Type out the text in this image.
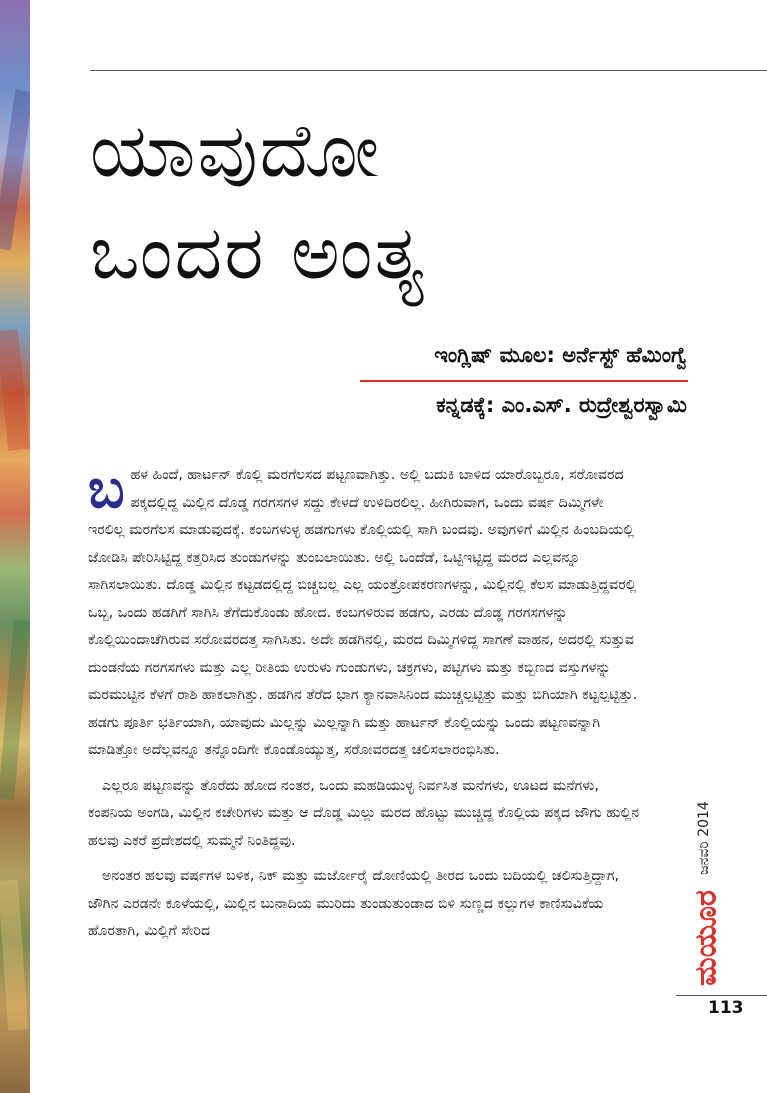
ಯಾವುದೋ
ಒಂದರ ಅಂತ್ಯ
ಇಂಗ್ಲಿಷ್ ಮೂಲ: ಅರ್ನೆಸ್ಟ್ ಹೆಮಿಂಗ್ವೆ
ಕನ್ನಡಕ್ಕೆ: ಎಂ.ಎಸ್. ರುದ್ರೇಶ್ವರಸ್ವಾಮಿ

ಬಹಳ ಹಿಂದೆ, ಹಾರ್ಟನ್ ಕೊಲ್ಲಿ ಮರಗೆಲಸದ ಪಟ್ಟಣವಾಗಿತ್ತು. ಅಲ್ಲಿ ಬದುಕಿ ಬಾಳಿದ ಯಾರೊಬ್ಬರೂ, ಸರೋವರದ ಪಕ್ಕದಲ್ಲಿದ್ದ ಮಿಲ್ಲಿನ ದೊಡ್ಡ ಗರಗಸಗಳ ಸದ್ದು ಕೇಳದೆ ಉಳಿದಿರಲಿಲ್ಲ. ಹೀಗಿರುವಾಗ, ಒಂದು ವರ್ಷ ದಿಮ್ಮಿಗಳೇ ಇರಲಿಲ್ಲ ಮರಗೆಲಸ ಮಾಡುವುದಕ್ಕೆ. ಕಂಬಗಳುಳ್ಳ ಹಡಗುಗಳು ಕೊಲ್ಲಿಯಲ್ಲಿ ಸಾಗಿ ಬಂದವು. ಅವುಗಳಿಗೆ ಮಿಲ್ಲಿನ ಹಿಂಬದಿಯಲ್ಲಿ ಜೋಡಿಸಿ ಪೇರಿಸಿಟ್ಟಿದ್ದ ಕತ್ತರಿಸಿದ ತುಂಡುಗಳನ್ನು ತುಂಬಲಾಯಿತು. ಅಲ್ಲಿ ಒಂದೆಡೆ, ಒಟ್ಟಿಇಟ್ಟಿದ್ದ ಮರದ ಎಲ್ಲವನ್ನೂ ಸಾಗಿಸಲಾಯಿತು. ದೊಡ್ಡ ಮಿಲ್ಲಿನ ಕಟ್ಟಡದಲ್ಲಿದ್ದ ಬಿಚ್ಚಬಲ್ಲ ಎಲ್ಲ ಯಂತ್ರೋಪಕರಣಗಳನ್ನು, ಮಿಲ್ಲಿನಲ್ಲಿ ಕೆಲಸ ಮಾಡುತ್ತಿದ್ದವರಲ್ಲಿ ಒಬ್ಬ, ಒಂದು ಹಡಗಿಗೆ ಸಾಗಿಸಿ ತೆಗೆದುಕೊಂಡು ಹೋದ. ಕಂಬಗಳಿರುವ ಹಡಗು, ಎರಡು ದೊಡ್ಡ ಗರಗಸಗಳನ್ನು ಕೊಲ್ಲಿಯಿಂದಾಚೆಗಿರುವ ಸರೋವರದತ್ತ ಸಾಗಿಸಿತು. ಅದೇ ಹಡಗಿನಲ್ಲಿ, ಮರದ ದಿಮ್ಮಿಗಳಿದ್ದ ಸಾಗಣೆ ವಾಹನ, ಅದರಲ್ಲಿ ಸುತ್ತುವ ದುಂಡನೆಯ ಗರಗಸಗಳು ಮತ್ತು ಎಲ್ಲ ರೀತಿಯ ಉರುಳು ಗುಂಡುಗಳು, ಚಕ್ರಗಳು, ಪಟ್ಟಿಗಳು ಮತ್ತು ಕಬ್ಬಿಣದ ವಸ್ತುಗಳನ್ನು ಮರಮುಟ್ಟಿನ ಕೆಳಗೆ ರಾಶಿ ಹಾಕಲಾಗಿತ್ತು. ಹಡಗಿನ ತೆರೆದ ಭಾಗ ಕ್ಯಾನವಾಸಿನಿಂದ ಮುಚ್ಚಲ್ಪಟ್ಟಿತ್ತು ಮತ್ತು ಬಿಗಿಯಾಗಿ ಕಟ್ಟಲ್ಪಟ್ಟಿತ್ತು. ಹಡಗು ಪೂರ್ತಿ ಭರ್ತಿಯಾಗಿ, ಯಾವುದು ಮಿಲ್ಲನ್ನು ಮಿಲ್ಲನ್ನಾಗಿ ಮತ್ತು ಹಾರ್ಟನ್ ಕೊಲ್ಲಿಯನ್ನು ಒಂದು ಪಟ್ಟಣವನ್ನಾಗಿ ಮಾಡಿತ್ತೋ ಅದೆಲ್ಲವನ್ನೂ ತನ್ನೊಂದಿಗೇ ಕೊಂಡೊಯ್ಯುತ್ತ, ಸರೋವರದತ್ತ ಚಲಿಸಲಾರಂಭಿಸಿತು.

ಎಲ್ಲರೂ ಪಟ್ಟಣವನ್ನು ತೊರೆದು ಹೋದ ನಂತರ, ಒಂದು ಮಹಡಿಯುಳ್ಳ ನಿರ್ವಸಿತ ಮನೆಗಳು, ಊಟದ ಮನೆಗಳು, ಕಂಪನಿಯ ಅಂಗಡಿ, ಮಿಲ್ಲಿನ ಕಚೇರಿಗಳು ಮತ್ತು ಆ ದೊಡ್ಡ ಮಿಲ್ಲು ಮರದ ಹೊಟ್ಟು ಮುಚ್ಚಿದ್ದ ಕೊಲ್ಲಿಯ ಪಕ್ಕದ ಜೌಗು ಹುಲ್ಲಿನ ಹಲವು ಎಕರೆ ಪ್ರದೇಶದಲ್ಲಿ ಸುಮ್ಮನೆ ನಿಂತಿದ್ದವು.

ಅನಂತರ ಹಲವು ವರ್ಷಗಳ ಬಳಿಕ, ನಿಕ್ ಮತ್ತು ಮರ್ಜೋರೈ ದೋಣಿಯಲ್ಲಿ ತೀರದ ಒಂದು ಬದಿಯಲ್ಲಿ ಚಲಿಸುತ್ತಿದ್ದಾಗ, ಜೌಗಿನ ಎರಡನೇ ಕೂಳೆಯಲ್ಲಿ, ಮಿಲ್ಲಿನ ಬುನಾದಿಯ ಮುರಿದು ತುಂಡುತುಂಡಾದ ಬಿಳಿ ಸುಣ್ಣದ ಕಲ್ಲುಗಳ ಕಾಣಿಸುವಿಕೆಯ ಹೊರತಾಗಿ, ಮಿಲ್ಲಿಗೆ ಸೇರಿದ

ಜನವರಿ 2014
ಮಯೂರ
113
